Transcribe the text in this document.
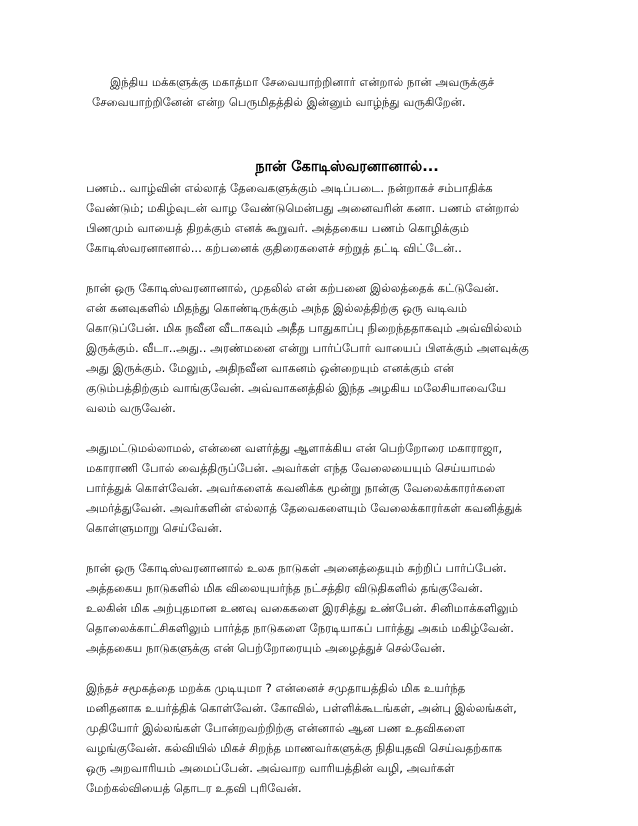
இந்திய மக்களுக்கு மகாத்மா சேவையாற்றினார் என்றால் நான் அவருக்குச்
சேவையாற்றினேன் என்ற பெருமிதத்தில் இன்னும் வாழ்ந்து வருகிறேன்.
நான் கோடிஸ்வரனானால்...
பணம்.. வாழ்வின் எல்லாத் தேவைகளுக்கும் அடிப்படை. நன்றாகச் சம்பாதிக்க
வேண்டும்; மகிழ்வுடன் வாழ வேண்டுமென்பது அனைவரின் கனா. பணம் என்றால்
பிணமும் வாயைத் திறக்கும் எனக் கூறுவர். அத்தகைய பணம் கொழிக்கும்
கோடிஸ்வரனானால்... கற்பனைக் குதிரைகளைச் சற்றுத் தட்டி விட்டேன்..
நான் ஒரு கோடிஸ்வரனானால், முதலில் என் கற்பனை இல்லத்தைக் கட்டுவேன்.
என் கனவுகளில் மிதந்து கொண்டிருக்கும் அந்த இல்லத்திற்கு ஒரு வடிவம்
கொடுப்பேன். மிக நவீன வீடாகவும் அதீத பாதுகாப்பு நிறைந்ததாகவும் அவ்வில்லம்
இருக்கும். வீடா..அது.. அரண்மனை என்று பார்ப்போர் வாயைப் பிளக்கும் அளவுக்கு
அது இருக்கும். மேலும், அதிநவீன வாகனம் ஒன்றையும் எனக்கும் என்
குடும்பத்திற்கும் வாங்குவேன். அவ்வாகனத்தில் இந்த அழகிய மலேசியாவையே
வலம் வருவேன்.
அதுமட்டுமல்லாமல், என்னை வளர்த்து ஆளாக்கிய என் பெற்றோரை மகாராஜா,
மகாராணி போல் வைத்திருப்பேன். அவர்கள் எந்த வேலையையும் செய்யாமல்
பார்த்துக் கொள்வேன். அவர்களைக் கவனிக்க மூன்று நான்கு வேலைக்காரர்களை
அமர்த்துவேன். அவர்களின் எல்லாத் தேவைகளையும் வேலைக்காரர்கள் கவனித்துக்
கொள்ளுமாறு செய்வேன்.
நான் ஒரு கோடிஸ்வரனானால் உலக நாடுகள் அனைத்தையும் சுற்றிப் பார்ப்பேன்.
அத்தகைய நாடுகளில் மிக விலையுயர்ந்த நட்சத்திர விடுதிகளில் தங்குவேன்.
உலகின் மிக அற்புதமான உணவு வகைகளை இரசித்து உண்பேன். சினிமாக்களிலும்
தொலைக்காட்சிகளிலும் பார்த்த நாடுகளை நேரடியாகப் பார்த்து அகம் மகிழ்வேன்.
அத்தகைய நாடுகளுக்கு என் பெற்றோரையும் அழைத்துச் செல்வேன்.
இந்தச் சமூகத்தை மறக்க முடியுமா ? என்னைச் சமுதாயத்தில் மிக உயர்ந்த
மனிதனாக உயர்த்திக் கொள்வேன். கோவில், பள்ளிக்கூடங்கள், அன்பு இல்லங்கள்,
முதியோர் இல்லங்கள் போன்றவற்றிற்கு என்னால் ஆன பண உதவிகளை
வழங்குவேன். கல்வியில் மிகச் சிறந்த மாணவர்களுக்கு நிதியுதவி செய்வதற்காக
ஒரு அறவாரியம் அமைப்பேன். அவ்வாற வாரியத்தின் வழி, அவர்கள்
மேற்கல்வியைத் தொடர உதவி புரிவேன்.
